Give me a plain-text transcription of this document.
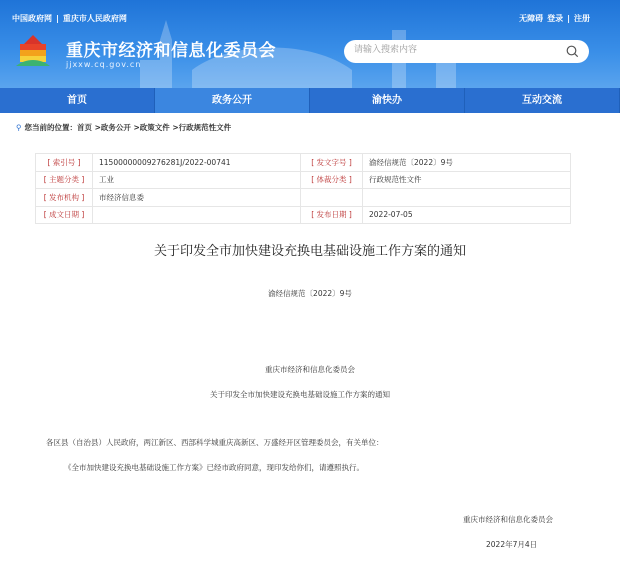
中国政府网 | 重庆市人民政府网	无障碍 登录 | 注册
重庆市经济和信息化委员会
jjxxw.cq.gov.cn
请输入搜索内容
首页	政务公开	渝快办	互动交流
⚲ 您当前的位置：首页 >政务公开 >政策文件 >行政规范性文件
[ 索引号 ]	11500000009276281J/2022-00741	[ 发文字号 ]	渝经信规范〔2022〕9号
[ 主题分类 ]	工业	[ 体裁分类 ]	行政规范性文件
[ 发布机构 ]	市经济信息委		
[ 成文日期 ]		[ 发布日期 ]	2022-07-05
关于印发全市加快建设充换电基础设施工作方案的通知
渝经信规范〔2022〕9号
重庆市经济和信息化委员会
关于印发全市加快建设充换电基础设施工作方案的通知
各区县（自治县）人民政府，两江新区、西部科学城重庆高新区、万盛经开区管理委员会，有关单位：
《全市加快建设充换电基础设施工作方案》已经市政府同意，现印发给你们，请遵照执行。
重庆市经济和信息化委员会
2022年7月4日
